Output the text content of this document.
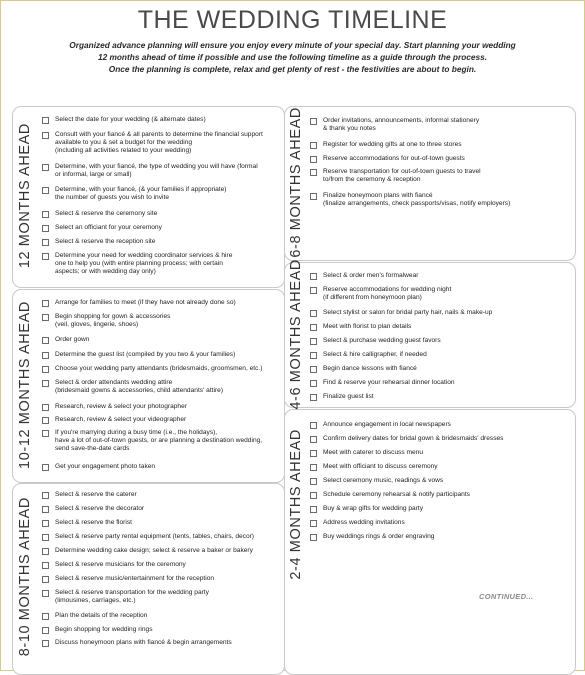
THE WEDDING TIMELINE
Organized advance planning will ensure you enjoy every minute of your special day. Start planning your wedding
12 months ahead of time if possible and use the following timeline as a guide through the process.
Once the planning is complete, relax and get plenty of rest - the festivities are about to begin.
12 MONTHS AHEAD
10-12 MONTHS AHEAD
8-10 MONTHS AHEAD
6-8 MONTHS AHEAD
4-6 MONTHS AHEAD
2-4 MONTHS AHEAD
Select the date for your wedding (& alternate dates)
Consult with your fiancé & all parents to determine the financial support
available to you & set a budget for the wedding
(including all activities related to your wedding)
Determine, with your fiancé, the type of wedding you will have (formal
or informal, large or small)
Determine, with your fiancé, (& your families if appropriate)
the number of guests you wish to invite
Select & reserve the ceremony site
Select an officiant for your ceremony
Select & reserve the reception site
Determine your need for wedding coordinator services & hire
one to help you (with entire planning process; with certain
aspects; or with wedding day only)
Arrange for families to meet (if they have not already done so)
Begin shopping for gown & accessories
(veil, gloves, lingerie, shoes)
Order gown
Determine the guest list (compiled by you two & your families)
Choose your wedding party attendants (bridesmaids, groomsmen, etc.)
Select & order attendants wedding attire
(bridesmaid gowns & accessories, child attendants' attire)
Research, review & select your photographer
Research, review & select your videographer
If you're marrying during a busy time (i.e., the holidays),
have a lot of out-of-town guests, or are planning a destination wedding,
send save-the-date cards
Get your engagement photo taken
Select & reserve the caterer
Select & reserve the decorator
Select & reserve the florist
Select & reserve party rental equipment (tents, tables, chairs, decor)
Determine wedding cake design; select & reserve a baker or bakery
Select & reserve musicians for the ceremony
Select & reserve music/entertainment for the reception
Select & reserve transportation for the wedding party
(limousines, carriages, etc.)
Plan the details of the reception
Begin shopping for wedding rings
Discuss honeymoon plans with fiancé & begin arrangements
Order invitations, announcements, informal stationery
& thank you notes
Register for wedding gifts at one to three stores
Reserve accommodations for out-of-town guests
Reserve transportation for out-of-town guests to travel
to/from the ceremony & reception
Finalize honeymoon plans with fiancé
(finalize arrangements, check passports/visas, notify employers)
Select & order men's formalwear
Reserve accommodations for wedding night
(if different from honeymoon plan)
Select stylist or salon for bridal party hair, nails & make-up
Meet with florist to plan details
Select & purchase wedding guest favors
Select & hire calligrapher, if needed
Begin dance lessons with fiancé
Find & reserve your rehearsal dinner location
Finalize guest list
Announce engagement in local newspapers
Confirm delivery dates for bridal gown & bridesmaids' dresses
Meet with caterer to discuss menu
Meet with officiant to discuss ceremony
Select ceremony music, readings & vows
Schedule ceremony rehearsal & notify participants
Buy & wrap gifts for wedding party
Address wedding invitations
Buy weddings rings & order engraving
CONTINUED...
